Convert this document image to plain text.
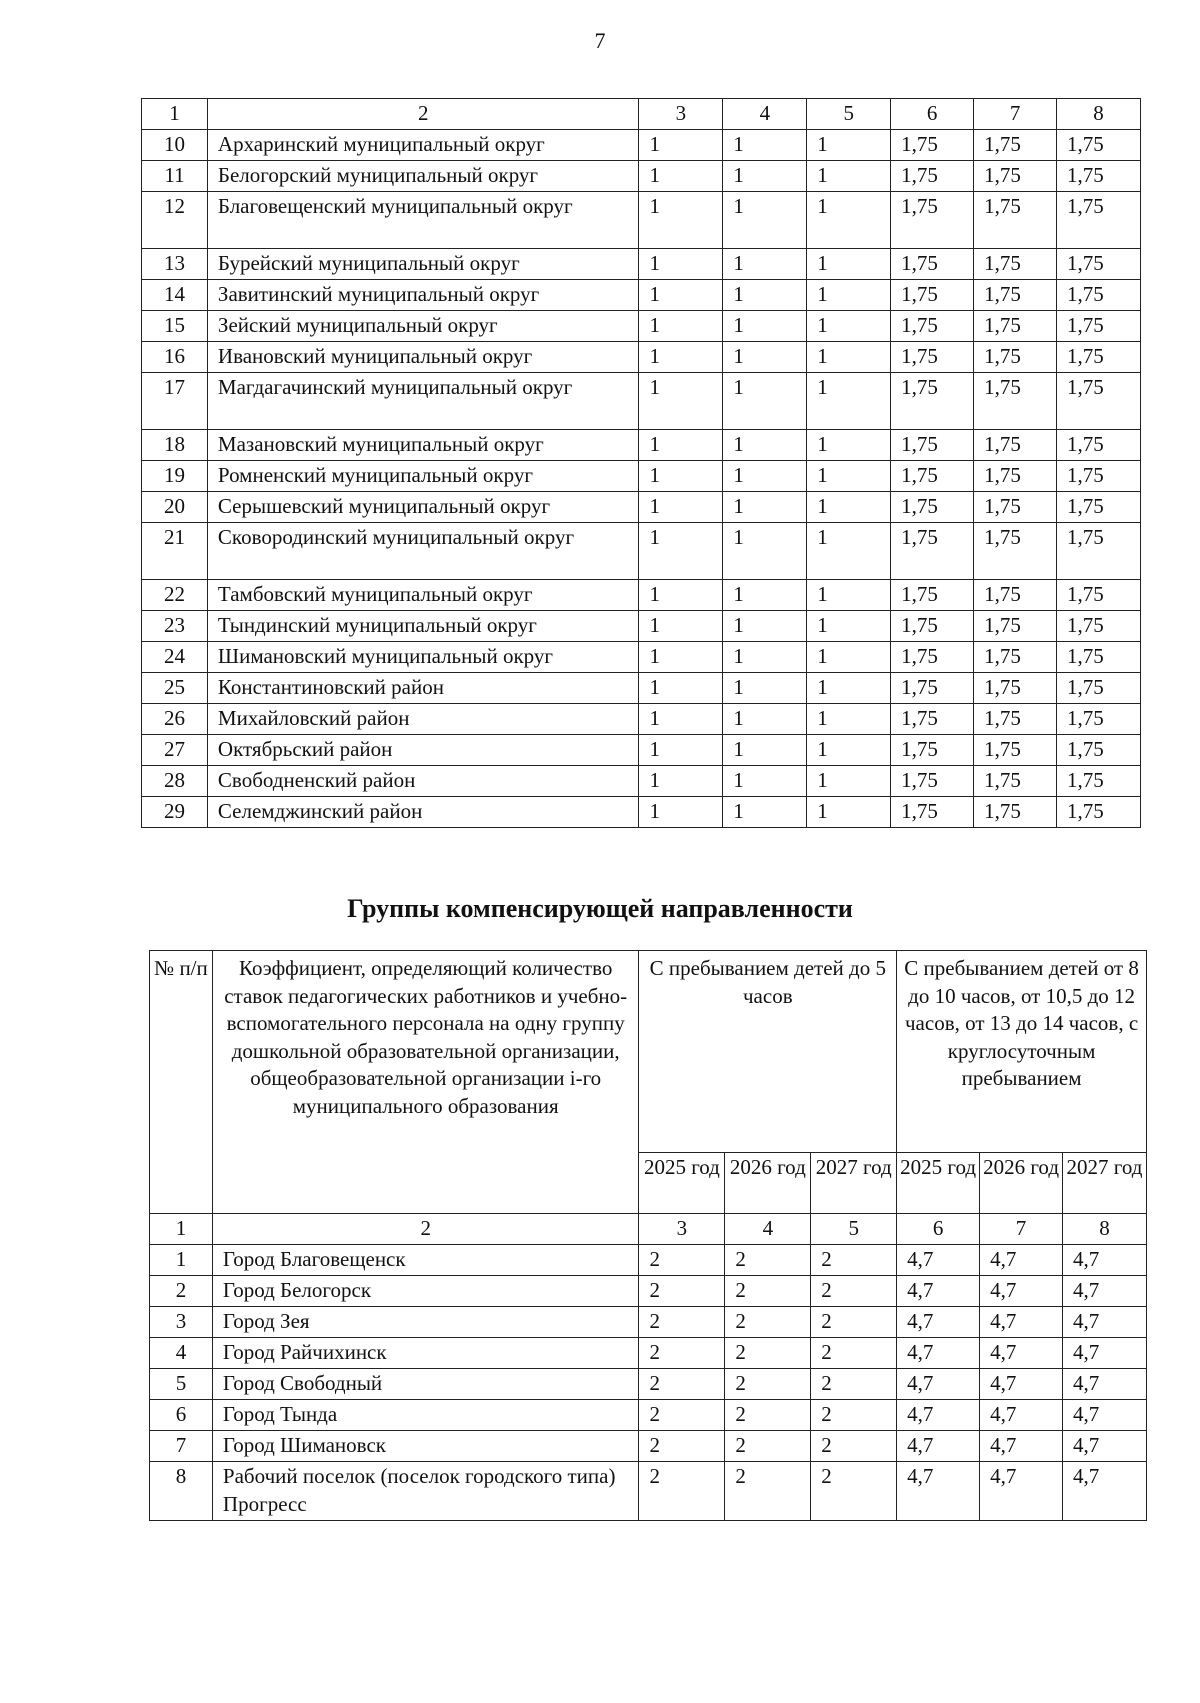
7
1	2	3	4	5	6	7	8
10	Архаринский муниципальный округ	1	1	1	1,75	1,75	1,75
11	Белогорский муниципальный округ	1	1	1	1,75	1,75	1,75
12	Благовещенский муниципальный округ	1	1	1	1,75	1,75	1,75
13	Бурейский муниципальный округ	1	1	1	1,75	1,75	1,75
14	Завитинский муниципальный округ	1	1	1	1,75	1,75	1,75
15	Зейский муниципальный округ	1	1	1	1,75	1,75	1,75
16	Ивановский муниципальный округ	1	1	1	1,75	1,75	1,75
17	Магдагачинский муниципальный округ	1	1	1	1,75	1,75	1,75
18	Мазановский муниципальный округ	1	1	1	1,75	1,75	1,75
19	Ромненский муниципальный округ	1	1	1	1,75	1,75	1,75
20	Серышевский муниципальный округ	1	1	1	1,75	1,75	1,75
21	Сковородинский муниципальный округ	1	1	1	1,75	1,75	1,75
22	Тамбовский муниципальный округ	1	1	1	1,75	1,75	1,75
23	Тындинский муниципальный округ	1	1	1	1,75	1,75	1,75
24	Шимановский муниципальный округ	1	1	1	1,75	1,75	1,75
25	Константиновский район	1	1	1	1,75	1,75	1,75
26	Михайловский район	1	1	1	1,75	1,75	1,75
27	Октябрьский район	1	1	1	1,75	1,75	1,75
28	Свободненский район	1	1	1	1,75	1,75	1,75
29	Селемджинский район	1	1	1	1,75	1,75	1,75
Группы компенсирующей направленности
№ п/п	Коэффициент, определяющий количество ставок педагогических работников и учебно-вспомогательного персонала на одну группу дошкольной образовательной организации, общеобразовательной организации i-го муниципального образования	С пребыванием детей до 5 часов			С пребыванием детей от 8 до 10 часов, от 10,5 до 12 часов, от 13 до 14 часов, с круглосуточным пребыванием		
		2025 год	2026 год	2027 год	2025 год	2026 год	2027 год
1	2	3	4	5	6	7	8
1	Город Благовещенск	2	2	2	4,7	4,7	4,7
2	Город Белогорск	2	2	2	4,7	4,7	4,7
3	Город Зея	2	2	2	4,7	4,7	4,7
4	Город Райчихинск	2	2	2	4,7	4,7	4,7
5	Город Свободный	2	2	2	4,7	4,7	4,7
6	Город Тында	2	2	2	4,7	4,7	4,7
7	Город Шимановск	2	2	2	4,7	4,7	4,7
8	Рабочий поселок (поселок городского типа) Прогресс	2	2	2	4,7	4,7	4,7
